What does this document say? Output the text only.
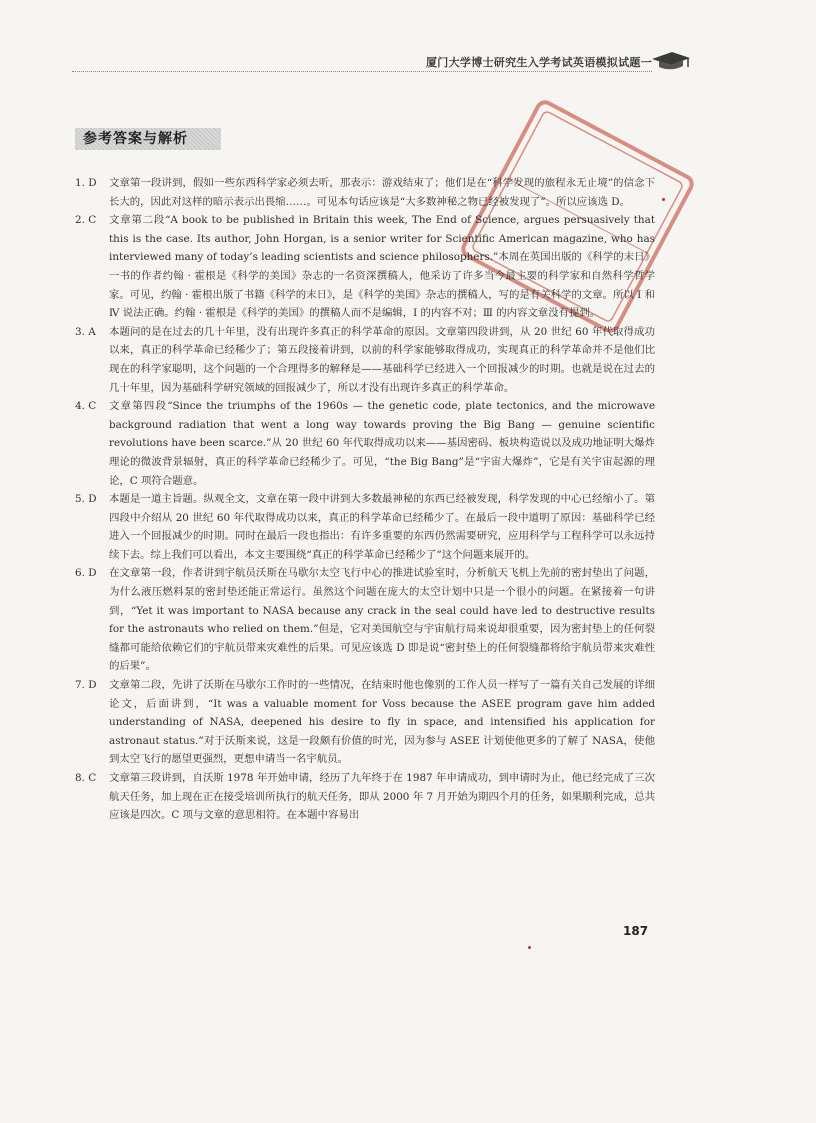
厦门大学博士研究生入学考试英语模拟试题一
参考答案与解析
1. D	文章第一段讲到，假如一些东西科学家必须去听，那表示：游戏结束了；他们是在“科学发现的旅程永无止境”的信念下长大的，因此对这样的暗示表示出畏缩……。可见本句话应该是“大多数神秘之物已经被发现了”。所以应该选 D。
2. C	文章第二段“A book to be published in Britain this week, The End of Science, argues persuasively that this is the case. Its author, John Horgan, is a senior writer for Scientific American magazine, who has interviewed many of today’s leading scientists and science philosophers.”本周在英国出版的《科学的末日》一书的作者约翰 · 霍根是《科学的美国》杂志的一名资深撰稿人，他采访了许多当今最主要的科学家和自然科学哲学家。可见，约翰 · 霍根出版了书籍《科学的末日》，是《科学的美国》杂志的撰稿人，写的是有关科学的文章。所以 Ⅰ 和 Ⅳ 说法正确。约翰 · 霍根是《科学的美国》的撰稿人而不是编辑，Ⅰ 的内容不对；Ⅲ 的内容文章没有提到。
3. A	本题问的是在过去的几十年里，没有出现许多真正的科学革命的原因。文章第四段讲到，从 20 世纪 60 年代取得成功以来，真正的科学革命已经稀少了；第五段接着讲到，以前的科学家能够取得成功，实现真正的科学革命并不是他们比现在的科学家聪明，这个问题的一个合理得多的解释是——基础科学已经进入一个回报减少的时期。也就是说在过去的几十年里，因为基础科学研究领域的回报减少了，所以才没有出现许多真正的科学革命。
4. C	文章第四段“Since the triumphs of the 1960s — the genetic code, plate tectonics, and the microwave background radiation that went a long way towards proving the Big Bang — genuine scientific revolutions have been scarce.”从 20 世纪 60 年代取得成功以来——基因密码、板块构造说以及成功地证明大爆炸理论的微波背景辐射，真正的科学革命已经稀少了。可见，“the Big Bang”是“宇宙大爆炸”，它是有关宇宙起源的理论，C 项符合题意。
5. D	本题是一道主旨题。纵观全文，文章在第一段中讲到大多数最神秘的东西已经被发现，科学发现的中心已经缩小了。第四段中介绍从 20 世纪 60 年代取得成功以来，真正的科学革命已经稀少了。在最后一段中道明了原因：基础科学已经进入一个回报减少的时期。同时在最后一段也指出：有许多重要的东西仍然需要研究，应用科学与工程科学可以永远持续下去。综上我们可以看出，本文主要围绕“真正的科学革命已经稀少了”这个问题来展开的。
6. D	在文章第一段，作者讲到宇航员沃斯在马歇尔太空飞行中心的推进试验室时，分析航天飞机上先前的密封垫出了问题，为什么液压燃料泵的密封垫还能正常运行。虽然这个问题在庞大的太空计划中只是一个很小的问题。在紧接着一句讲到，“Yet it was important to NASA because any crack in the seal could have led to destructive results for the astronauts who relied on them.”但是，它对美国航空与宇宙航行局来说却很重要，因为密封垫上的任何裂缝都可能给依赖它们的宇航员带来灾难性的后果。可见应该选 D 即是说“密封垫上的任何裂缝都将给宇航员带来灾难性的后果”。
7. D	文章第二段，先讲了沃斯在马歇尔工作时的一些情况，在结束时他也像别的工作人员一样写了一篇有关自己发展的详细论文，后面讲到，“It was a valuable moment for Voss because the ASEE program gave him added understanding of NASA, deepened his desire to fly in space, and intensified his application for astronaut status.”对于沃斯来说，这是一段颇有价值的时光，因为参与 ASEE 计划使他更多的了解了 NASA，使他到太空飞行的愿望更强烈，更想申请当一名宇航员。
8. C	文章第三段讲到，自沃斯 1978 年开始申请，经历了九年终于在 1987 年申请成功，到申请时为止，他已经完成了三次航天任务，加上现在正在接受培训所执行的航天任务，即从 2000 年 7 月开始为期四个月的任务，如果顺利完成，总共应该是四次。C 项与文章的意思相符。在本题中容易出
187
